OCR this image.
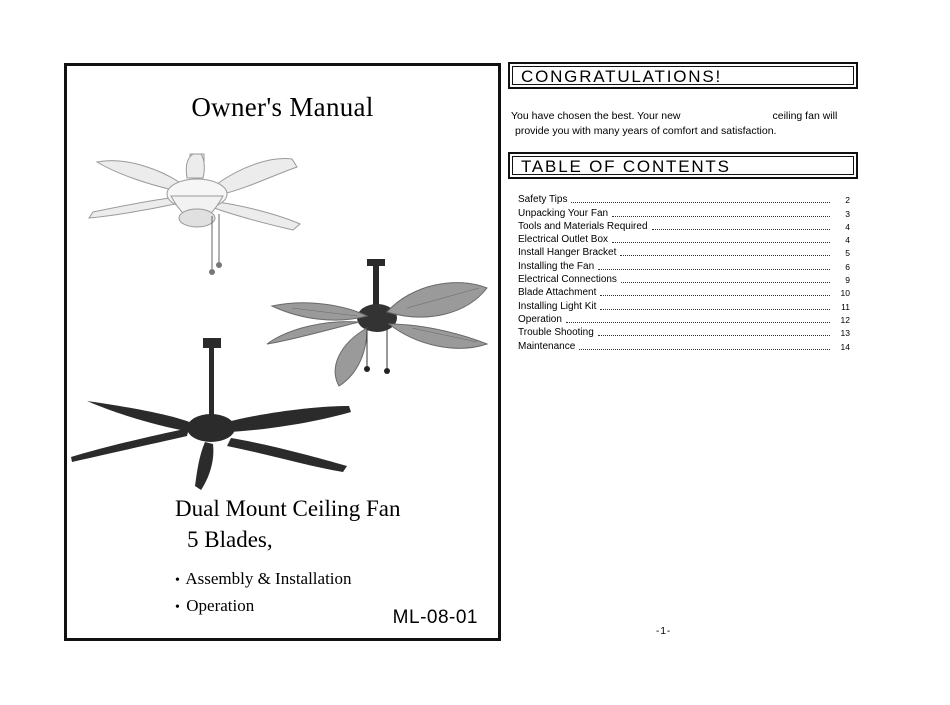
Owner's Manual
Dual Mount Ceiling Fan
5 Blades,
• Assembly & Installation
• Operation
ML-08-01
CONGRATULATIONS!
You have chosen the best. Your new	ceiling fan will
provide you with many years of comfort and satisfaction.
TABLE OF CONTENTS
Safety Tips	2
Unpacking Your Fan	3
Tools and Materials Required	4
Electrical Outlet Box	4
Install Hanger Bracket	5
Installing the Fan	6
Electrical Connections	9
Blade Attachment	10
Installing Light Kit	11
Operation	12
Trouble Shooting	13
Maintenance	14
-1-
